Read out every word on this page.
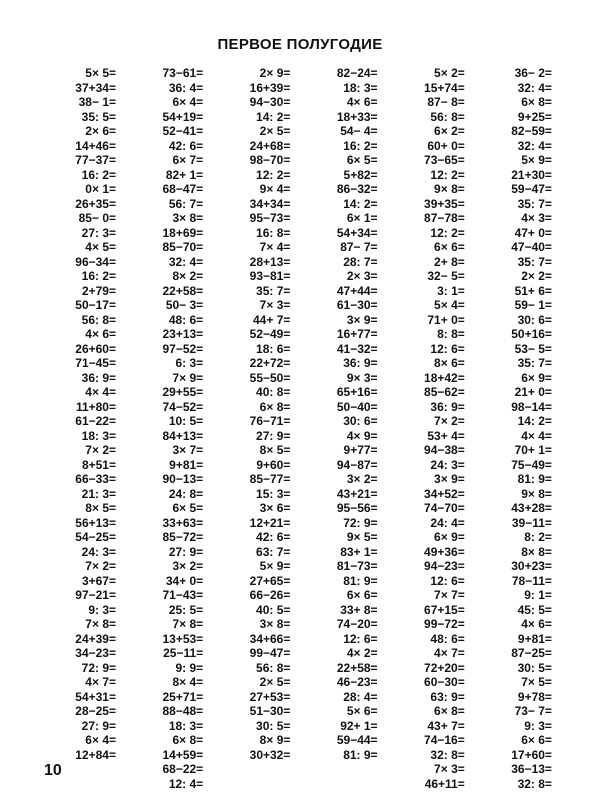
ПЕРВОЕ ПОЛУГОДИЕ
5× 5=
37+34=
38− 1=
35: 5=
2× 6=
14+46=
77−37=
16: 2=
0× 1=
26+35=
85− 0=
27: 3=
4× 5=
96−34=
16: 2=
2+79=
50−17=
56: 8=
4× 6=
26+60=
71−45=
36: 9=
4× 4=
11+80=
61−22=
18: 3=
7× 2=
8+51=
66−33=
21: 3=
8× 5=
56+13=
54−25=
24: 3=
7× 2=
3+67=
97−21=
9: 3=
7× 8=
24+39=
34−23=
72: 9=
4× 7=
54+31=
28−25=
27: 9=
6× 4=
12+84=
73−61=
36: 4=
6× 4=
54+19=
52−41=
42: 6=
6× 7=
82+ 1=
68−47=
56: 7=
3× 8=
18+69=
85−70=
32: 4=
8× 2=
22+58=
50− 3=
48: 6=
23+13=
97−52=
6: 3=
7× 9=
29+55=
74−52=
10: 5=
84+13=
3× 7=
9+81=
90−13=
24: 8=
6× 5=
33+63=
85−72=
27: 9=
3× 2=
34+ 0=
71−43=
25: 5=
7× 8=
13+53=
25−11=
9: 9=
8× 4=
25+71=
88−48=
18: 3=
6× 8=
14+59=
68−22=
12: 4=
2× 9=
16+39=
94−30=
14: 2=
2× 5=
24+68=
98−70=
12: 2=
9× 4=
34+34=
95−73=
16: 8=
7× 4=
28+13=
93−81=
35: 7=
7× 3=
44+ 7=
52−49=
18: 6=
22+72=
55−50=
40: 8=
6× 8=
76−71=
27: 9=
8× 5=
9+60=
85−77=
15: 3=
3× 6=
12+21=
42: 6=
63: 7=
5× 9=
27+65=
66−26=
40: 5=
3× 8=
34+66=
99−47=
56: 8=
2× 5=
27+53=
51−30=
30: 5=
8× 9=
30+32=
82−24=
18: 3=
4× 6=
18+33=
54− 4=
16: 2=
6× 5=
5+82=
86−32=
14: 2=
6× 1=
54+34=
87− 7=
28: 7=
2× 3=
47+44=
61−30=
3× 9=
16+77=
41−32=
36: 9=
9× 3=
65+16=
50−40=
30: 6=
4× 9=
9+77=
94−87=
3× 2=
43+21=
95−56=
72: 9=
9× 5=
83+ 1=
81−73=
81: 9=
6× 6=
33+ 8=
74−20=
12: 6=
4× 2=
22+58=
46−23=
28: 4=
5× 6=
92+ 1=
59−44=
81: 9=
5× 2=
15+74=
87− 8=
56: 8=
6× 2=
60+ 0=
73−65=
12: 2=
9× 8=
39+35=
87−78=
12: 2=
6× 6=
2+ 8=
32− 5=
3: 1=
5× 4=
71+ 0=
8: 8=
12: 6=
8× 6=
18+42=
85−62=
36: 9=
7× 2=
53+ 4=
94−38=
24: 3=
3× 9=
34+52=
74−70=
24: 4=
6× 9=
49+36=
94−23=
12: 6=
7× 7=
67+15=
99−72=
48: 6=
4× 7=
72+20=
60−30=
63: 9=
6× 8=
43+ 7=
74−16=
32: 8=
7× 3=
46+11=
36− 2=
32: 4=
6× 8=
9+25=
82−59=
32: 4=
5× 9=
21+30=
59−47=
35: 7=
4× 3=
47+ 0=
47−40=
35: 7=
2× 2=
51+ 6=
59− 1=
30: 6=
50+16=
53− 5=
35: 7=
6× 9=
21+ 0=
98−14=
14: 2=
4× 4=
70+ 1=
75−49=
81: 9=
9× 8=
43+28=
39−11=
8: 2=
8× 8=
30+23=
78−11=
9: 1=
45: 5=
4× 6=
9+81=
87−25=
30: 5=
7× 5=
9+78=
73− 7=
9: 3=
6× 6=
17+60=
36−13=
32: 8=
10
